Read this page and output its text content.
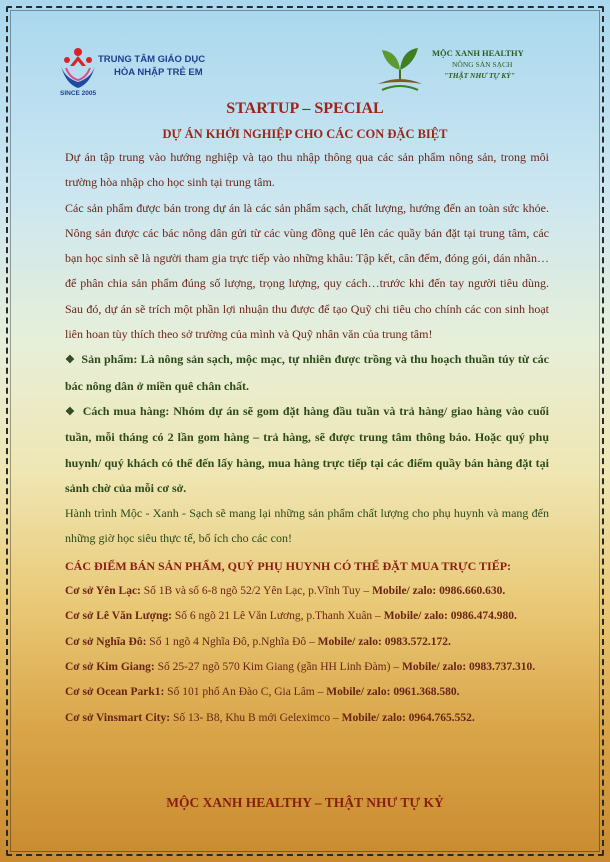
TRUNG TÂM GIÁO DỤC
HÒA NHẬP TRẺ EM
SINCE 2005
MỘC XANH HEALTHY
NÔNG SẢN SẠCH
"THẬT NHƯ TỰ KỶ"
STARTUP – SPECIAL
DỰ ÁN KHỞI NGHIỆP CHO CÁC CON ĐẶC BIỆT

Dự án tập trung vào hướng nghiệp và tạo thu nhập thông qua các sản phẩm nông sản, trong môi trường hòa nhập cho học sinh tại trung tâm.

Các sản phẩm được bán trong dự án là các sản phẩm sạch, chất lượng, hướng đến an toàn sức khỏe. Nông sản được các bác nông dân gửi từ các vùng đồng quê lên các quầy bán đặt tại trung tâm, các bạn học sinh sẽ là người tham gia trực tiếp vào những khâu: Tập kết, cân đếm, đóng gói, dán nhãn…để phân chia sản phẩm đúng số lượng, trọng lượng, quy cách…trước khi đến tay người tiêu dùng. Sau đó, dự án sẽ trích một phần lợi nhuận thu được để tạo Quỹ chi tiêu cho chính các con sinh hoạt liên hoan tùy thích theo sở trường của mình và Quỹ nhân văn của trung tâm!

❖ Sản phẩm: Là nông sản sạch, mộc mạc, tự nhiên được trồng và thu hoạch thuần túy từ các bác nông dân ở miền quê chân chất.

❖ Cách mua hàng: Nhóm dự án sẽ gom đặt hàng đầu tuần và trả hàng/ giao hàng vào cuối tuần, mỗi tháng có 2 lần gom hàng – trả hàng, sẽ được trung tâm thông báo. Hoặc quý phụ huynh/ quý khách có thể đến lấy hàng, mua hàng trực tiếp tại các điểm quầy bán hàng đặt tại sảnh chờ của mỗi cơ sở.

Hành trình Mộc - Xanh - Sạch sẽ mang lại những sản phẩm chất lượng cho phụ huynh và mang đến những giờ học siêu thực tế, bổ ích cho các con!

CÁC ĐIỂM BÁN SẢN PHẨM, QUÝ PHỤ HUYNH CÓ THỂ ĐẶT MUA TRỰC TIẾP:
Cơ sở Yên Lạc: Số 1B và số 6-8 ngõ 52/2 Yên Lạc, p.Vĩnh Tuy – Mobile/ zalo: 0986.660.630.
Cơ sở Lê Văn Lượng: Số 6 ngõ 21 Lê Văn Lương, p.Thanh Xuân – Mobile/ zalo: 0986.474.980.
Cơ sở Nghĩa Đô: Số 1 ngõ 4 Nghĩa Đô, p.Nghĩa Đô – Mobile/ zalo: 0983.572.172.
Cơ sở Kim Giang: Số 25-27 ngõ 570 Kim Giang (gần HH Linh Đàm) – Mobile/ zalo: 0983.737.310.
Cơ sở Ocean Park1: Số 101 phố An Đào C, Gia Lâm – Mobile/ zalo: 0961.368.580.
Cơ sở Vinsmart City: Số 13- B8, Khu B mới Geleximco – Mobile/ zalo: 0964.765.552.
MỘC XANH HEALTHY – THẬT NHƯ TỰ KỶ
